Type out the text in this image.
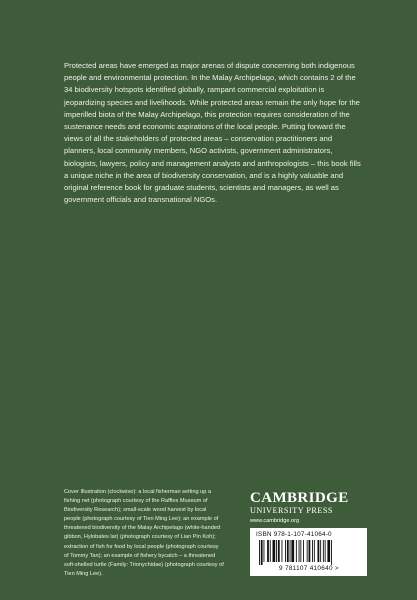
Protected areas have emerged as major arenas of dispute concerning both indigenous people and environmental protection. In the Malay Archipelago, which contains 2 of the 34 biodiversity hotspots identified globally, rampant commercial exploitation is jeopardizing species and livelihoods. While protected areas remain the only hope for the imperilled biota of the Malay Archipelago, this protection requires consideration of the sustenance needs and economic aspirations of the local people. Putting forward the views of all the stakeholders of protected areas – conservation practitioners and planners, local community members, NGO activists, government administrators, biologists, lawyers, policy and management analysts and anthropologists – this book fills a unique niche in the area of biodiversity conservation, and is a highly valuable and original reference book for graduate students, scientists and managers, as well as government officials and transnational NGOs.

Cover Illustration (clockwise): a local fisherman setting up a fishing net (photograph courtesy of the Raffles Museum of Biodiversity Research); small-scale wood harvest by local people (photograph courtesy of Tien Ming Lee); an example of threatened biodiversity of the Malay Archipelago (white-handed gibbon, Hylobates lar) (photograph courtesy of Lian Pin Koh); extraction of fish for food by local people (photograph courtesy of Tommy Tan); an example of fishery bycatch – a threatened soft-shelled turtle (Family: Trionychidae) (photograph courtesy of Tien Ming Lee).

CAMBRIDGE
UNIVERSITY PRESS
www.cambridge.org
ISBN 978-1-107-41064-0
9 781107 410640 >
